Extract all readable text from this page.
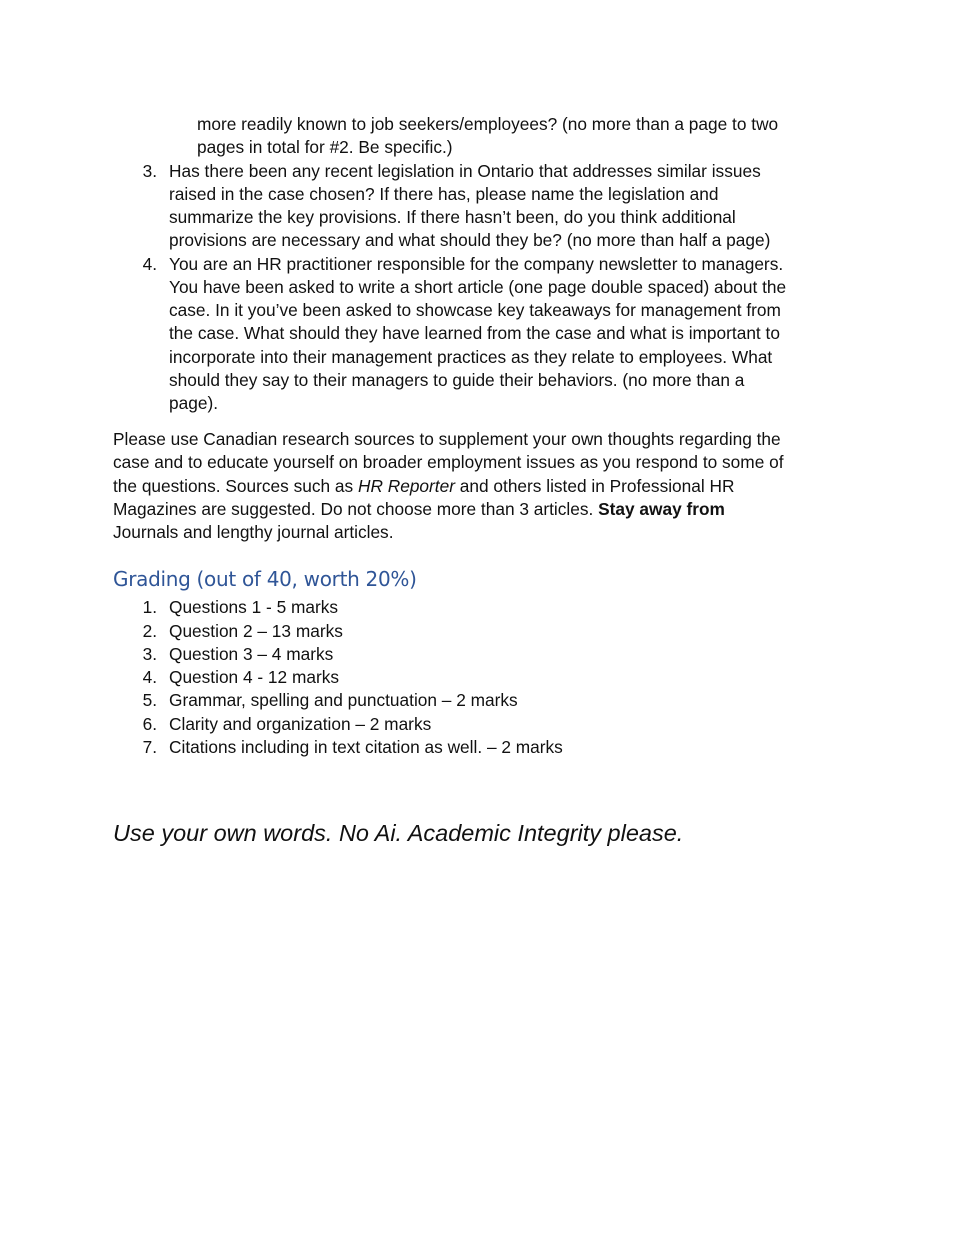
more readily known to job seekers/employees? (no more than a page to two

pages in total for #2. Be specific.)

3. Has there been any recent legislation in Ontario that addresses similar issues

raised in the case chosen? If there has, please name the legislation and

summarize the key provisions. If there hasn’t been, do you think additional

provisions are necessary and what should they be? (no more than half a page)

4. You are an HR practitioner responsible for the company newsletter to managers.

You have been asked to write a short article (one page double spaced) about the

case. In it you’ve been asked to showcase key takeaways for management from

the case. What should they have learned from the case and what is important to

incorporate into their management practices as they relate to employees. What

should they say to their managers to guide their behaviors. (no more than a

page).

Please use Canadian research sources to supplement your own thoughts regarding the

case and to educate yourself on broader employment issues as you respond to some of

the questions. Sources such as HR Reporter and others listed in Professional HR

Magazines are suggested. Do not choose more than 3 articles. Stay away from

Journals and lengthy journal articles.

Grading (out of 40, worth 20%)
1. Questions 1 - 5 marks
2. Question 2 – 13 marks
3. Question 3 – 4 marks
4. Question 4 - 12 marks
5. Grammar, spelling and punctuation – 2 marks
6. Clarity and organization – 2 marks
7. Citations including in text citation as well. – 2 marks
Use your own words. No Ai. Academic Integrity please.
